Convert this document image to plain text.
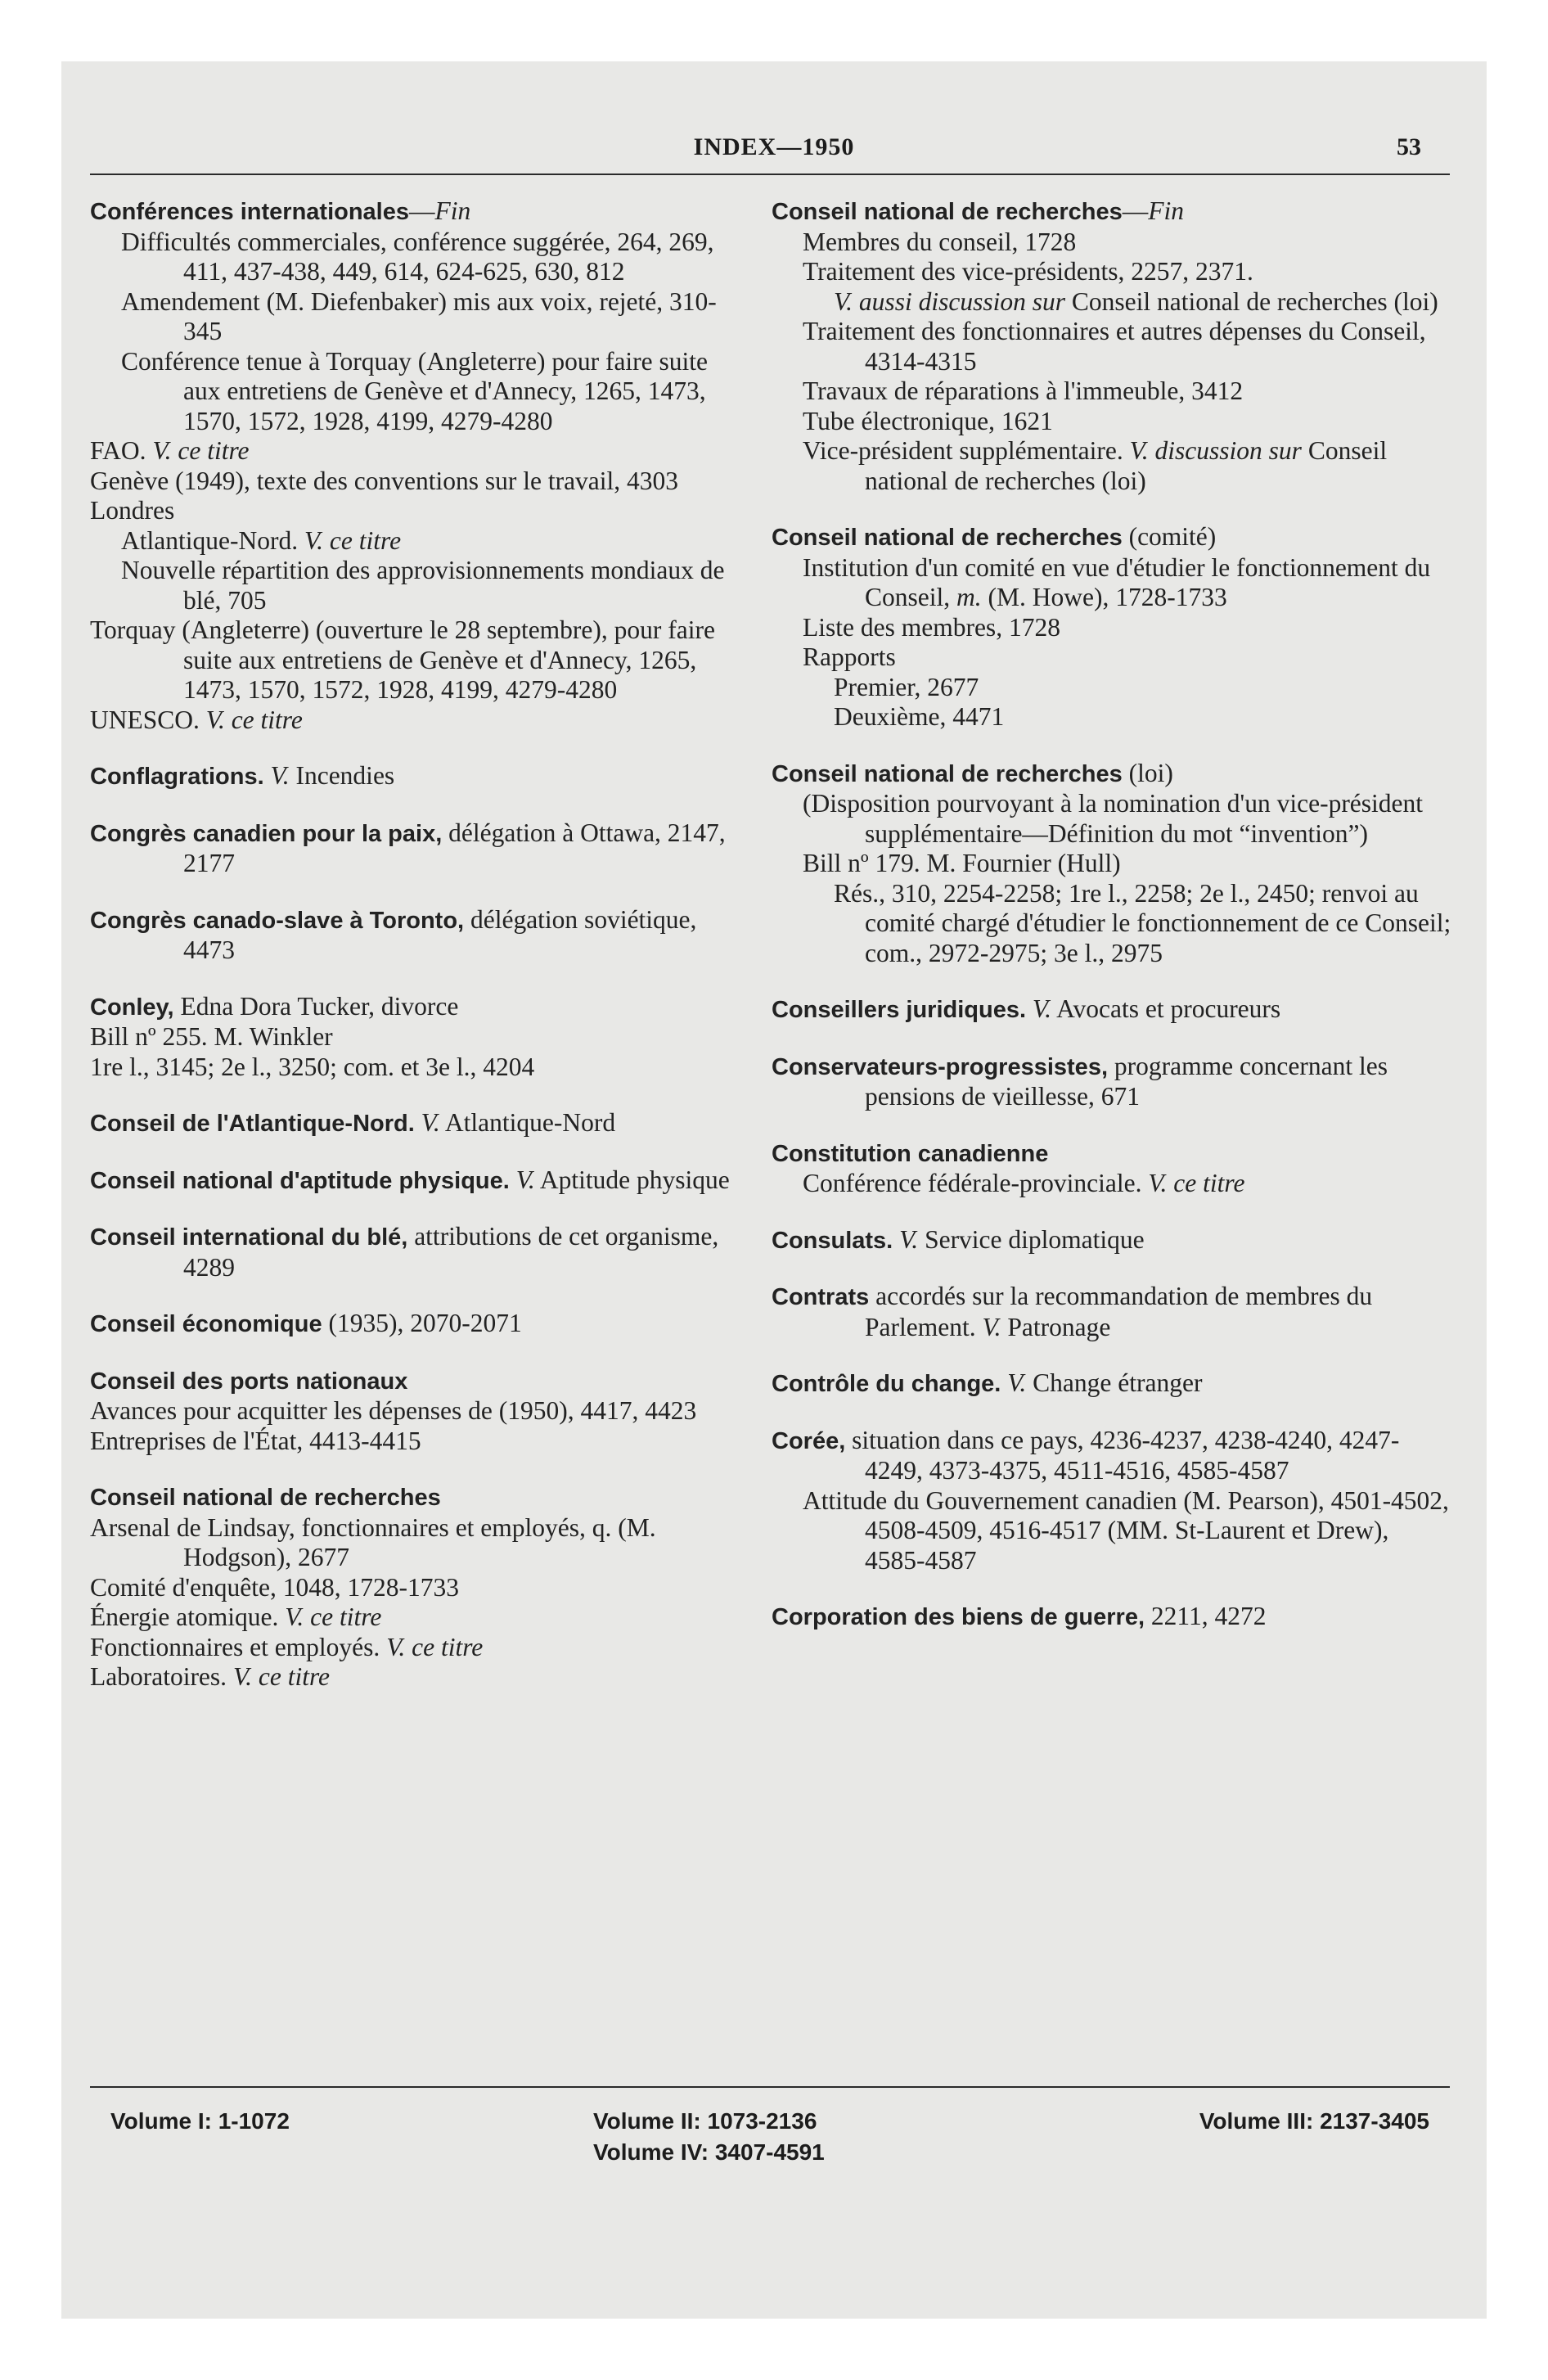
INDEX—1950	53
Conférences internationales—Fin
Difficultés commerciales, conférence suggérée, 264, 269, 411, 437-438, 449, 614, 624-625, 630, 812
Amendement (M. Diefenbaker) mis aux voix, rejeté, 310-345
Conférence tenue à Torquay (Angleterre) pour faire suite aux entretiens de Genève et d'Annecy, 1265, 1473, 1570, 1572, 1928, 4199, 4279-4280
FAO. V. ce titre
Genève (1949), texte des conventions sur le travail, 4303
Londres
Atlantique-Nord. V. ce titre
Nouvelle répartition des approvisionnements mondiaux de blé, 705
Torquay (Angleterre) (ouverture le 28 septembre), pour faire suite aux entretiens de Genève et d'Annecy, 1265, 1473, 1570, 1572, 1928, 4199, 4279-4280
UNESCO. V. ce titre
Conflagrations. V. Incendies
Congrès canadien pour la paix, délégation à Ottawa, 2147, 2177
Congrès canado-slave à Toronto, délégation soviétique, 4473
Conley, Edna Dora Tucker, divorce
Bill nº 255. M. Winkler
1re l., 3145; 2e l., 3250; com. et 3e l., 4204
Conseil de l'Atlantique-Nord. V. Atlantique-Nord
Conseil national d'aptitude physique. V. Aptitude physique
Conseil international du blé, attributions de cet organisme, 4289
Conseil économique (1935), 2070-2071
Conseil des ports nationaux
Avances pour acquitter les dépenses de (1950), 4417, 4423
Entreprises de l'État, 4413-4415
Conseil national de recherches
Arsenal de Lindsay, fonctionnaires et employés, q. (M. Hodgson), 2677
Comité d'enquête, 1048, 1728-1733
Énergie atomique. V. ce titre
Fonctionnaires et employés. V. ce titre
Laboratoires. V. ce titre
Conseil national de recherches—Fin
Membres du conseil, 1728
Traitement des vice-présidents, 2257, 2371.
V. aussi discussion sur Conseil national de recherches (loi)
Traitement des fonctionnaires et autres dépenses du Conseil, 4314-4315
Travaux de réparations à l'immeuble, 3412
Tube électronique, 1621
Vice-président supplémentaire. V. discussion sur Conseil national de recherches (loi)
Conseil national de recherches (comité)
Institution d'un comité en vue d'étudier le fonctionnement du Conseil, m. (M. Howe), 1728-1733
Liste des membres, 1728
Rapports
Premier, 2677
Deuxième, 4471
Conseil national de recherches (loi)
(Disposition pourvoyant à la nomination d'un vice-président supplémentaire—Définition du mot “invention”)
Bill nº 179. M. Fournier (Hull)
Rés., 310, 2254-2258; 1re l., 2258; 2e l., 2450; renvoi au comité chargé d'étudier le fonctionnement de ce Conseil; com., 2972-2975; 3e l., 2975
Conseillers juridiques. V. Avocats et procureurs
Conservateurs-progressistes, programme concernant les pensions de vieillesse, 671
Constitution canadienne
Conférence fédérale-provinciale. V. ce titre
Consulats. V. Service diplomatique
Contrats accordés sur la recommandation de membres du Parlement. V. Patronage
Contrôle du change. V. Change étranger
Corée, situation dans ce pays, 4236-4237, 4238-4240, 4247-4249, 4373-4375, 4511-4516, 4585-4587
Attitude du Gouvernement canadien (M. Pearson), 4501-4502, 4508-4509, 4516-4517 (MM. St-Laurent et Drew), 4585-4587
Corporation des biens de guerre, 2211, 4272
Volume I: 1-1072	Volume II: 1073-2136
Volume IV: 3407-4591
Volume III: 2137-3405
